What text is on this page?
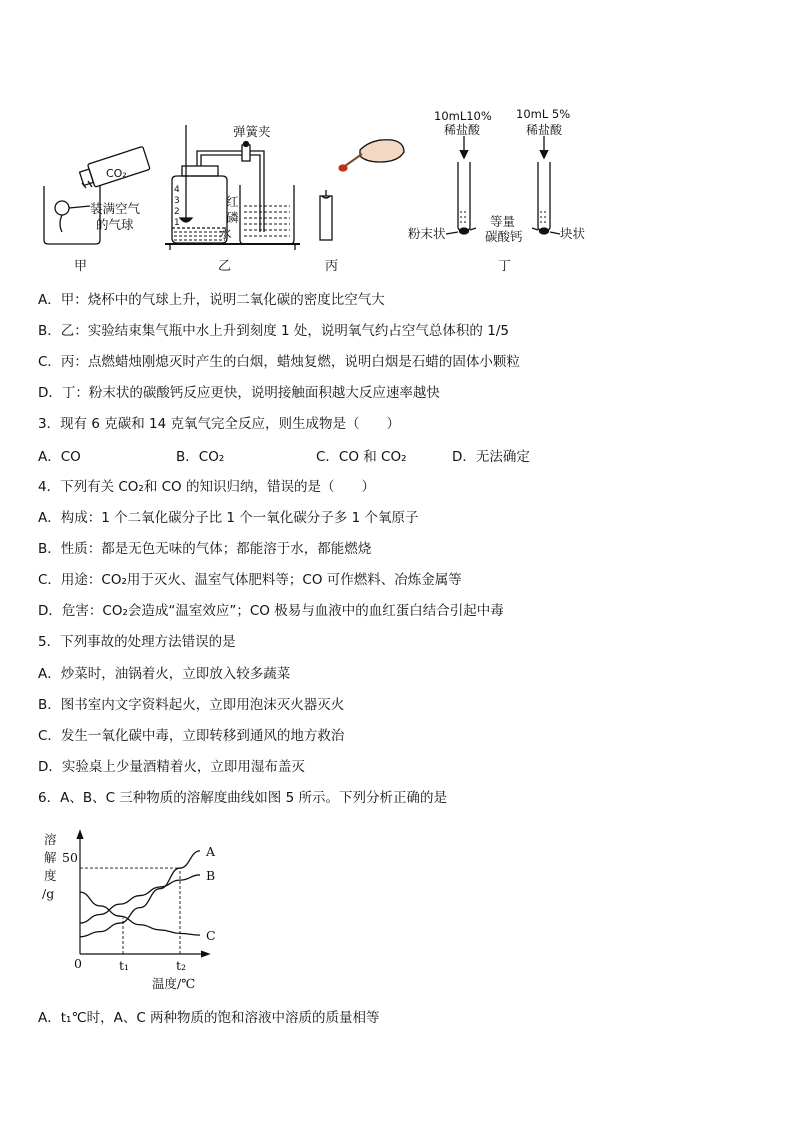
CO₂
装满空气
的气球
甲
4
3
2
1
弹簧夹
红
磷
水
乙	丙
10mL10%
稀盐酸
10mL 5%
稀盐酸
粉末状
等量
碳酸钙	块状
丁
A．甲：烧杯中的气球上升，说明二氧化碳的密度比空气大
B．乙：实验结束集气瓶中水上升到刻度 1 处，说明氧气约占空气总体积的 1/5
C．丙：点燃蜡烛刚熄灭时产生的白烟，蜡烛复燃，说明白烟是石蜡的固体小颗粒
D．丁：粉末状的碳酸钙反应更快，说明接触面积越大反应速率越快
3．现有 6 克碳和 14 克氧气完全反应，则生成物是（　　）
A．CO	B．CO₂	C．CO 和 CO₂	D．无法确定
4．下列有关 CO₂和 CO 的知识归纳，错误的是（　　）
A．构成：1 个二氧化碳分子比 1 个一氧化碳分子多 1 个氧原子
B．性质：都是无色无味的气体；都能溶于水，都能燃烧
C．用途：CO₂用于灭火、温室气体肥料等；CO 可作燃料、冶炼金属等
D．危害：CO₂会造成“温室效应”；CO 极易与血液中的血红蛋白结合引起中毒
5．下列事故的处理方法错误的是
A．炒菜时，油锅着火，立即放入较多蔬菜
B．图书室内文字资料起火，立即用泡沫灭火器灭火
C．发生一氧化碳中毒，立即转移到通风的地方救治
D．实验桌上少量酒精着火，立即用湿布盖灭
6．A、B、C 三种物质的溶解度曲线如图 5 所示。下列分析正确的是
溶
解
度
/g
50
0	t₁	t₂
温度/℃
A
B
C
A．t₁℃时，A、C 两种物质的饱和溶液中溶质的质量相等
